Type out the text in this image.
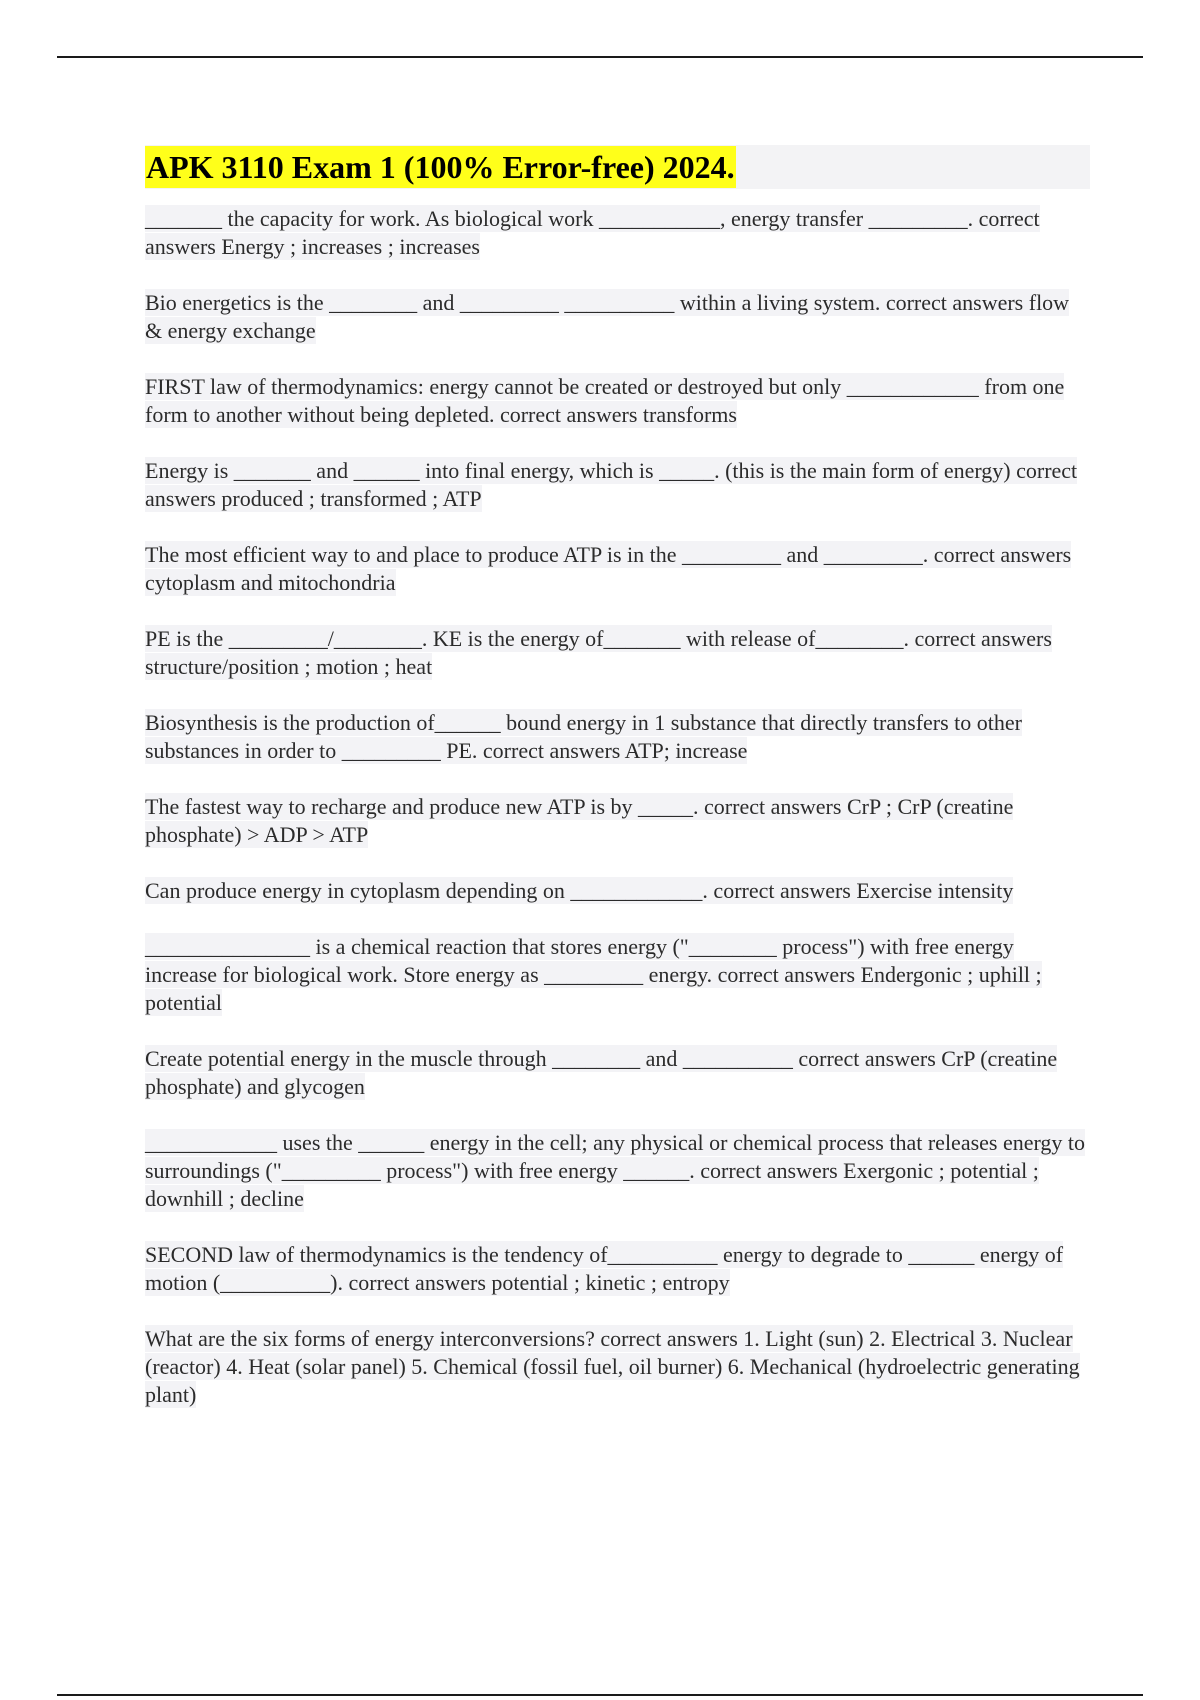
APK 3110 Exam 1 (100% Error-free) 2024.

_______ the capacity for work. As biological work ___________, energy transfer _________. correct answers Energy ; increases ; increases

Bio energetics is the ________ and _________ __________ within a living system. correct answers flow & energy exchange

FIRST law of thermodynamics: energy cannot be created or destroyed but only ____________ from one form to another without being depleted. correct answers transforms

Energy is _______ and ______ into final energy, which is _____. (this is the main form of energy) correct answers produced ; transformed ; ATP

The most efficient way to and place to produce ATP is in the _________ and _________. correct answers cytoplasm and mitochondria

PE is the _________/________. KE is the energy of_______ with release of________. correct answers structure/position ; motion ; heat

Biosynthesis is the production of______ bound energy in 1 substance that directly transfers to other substances in order to _________ PE. correct answers ATP; increase

The fastest way to recharge and produce new ATP is by _____. correct answers CrP ; CrP (creatine phosphate) > ADP > ATP

Can produce energy in cytoplasm depending on ____________. correct answers Exercise intensity

_______________ is a chemical reaction that stores energy ("________ process") with free energy increase for biological work. Store energy as _________ energy. correct answers Endergonic ; uphill ; potential

Create potential energy in the muscle through ________ and __________ correct answers CrP (creatine phosphate) and glycogen

____________ uses the ______ energy in the cell; any physical or chemical process that releases energy to surroundings ("_________ process") with free energy ______. correct answers Exergonic ; potential ; downhill ; decline

SECOND law of thermodynamics is the tendency of__________ energy to degrade to ______ energy of motion (__________). correct answers potential ; kinetic ; entropy

What are the six forms of energy interconversions? correct answers 1. Light (sun) 2. Electrical 3. Nuclear (reactor) 4. Heat (solar panel) 5. Chemical (fossil fuel, oil burner) 6. Mechanical (hydroelectric generating plant)
